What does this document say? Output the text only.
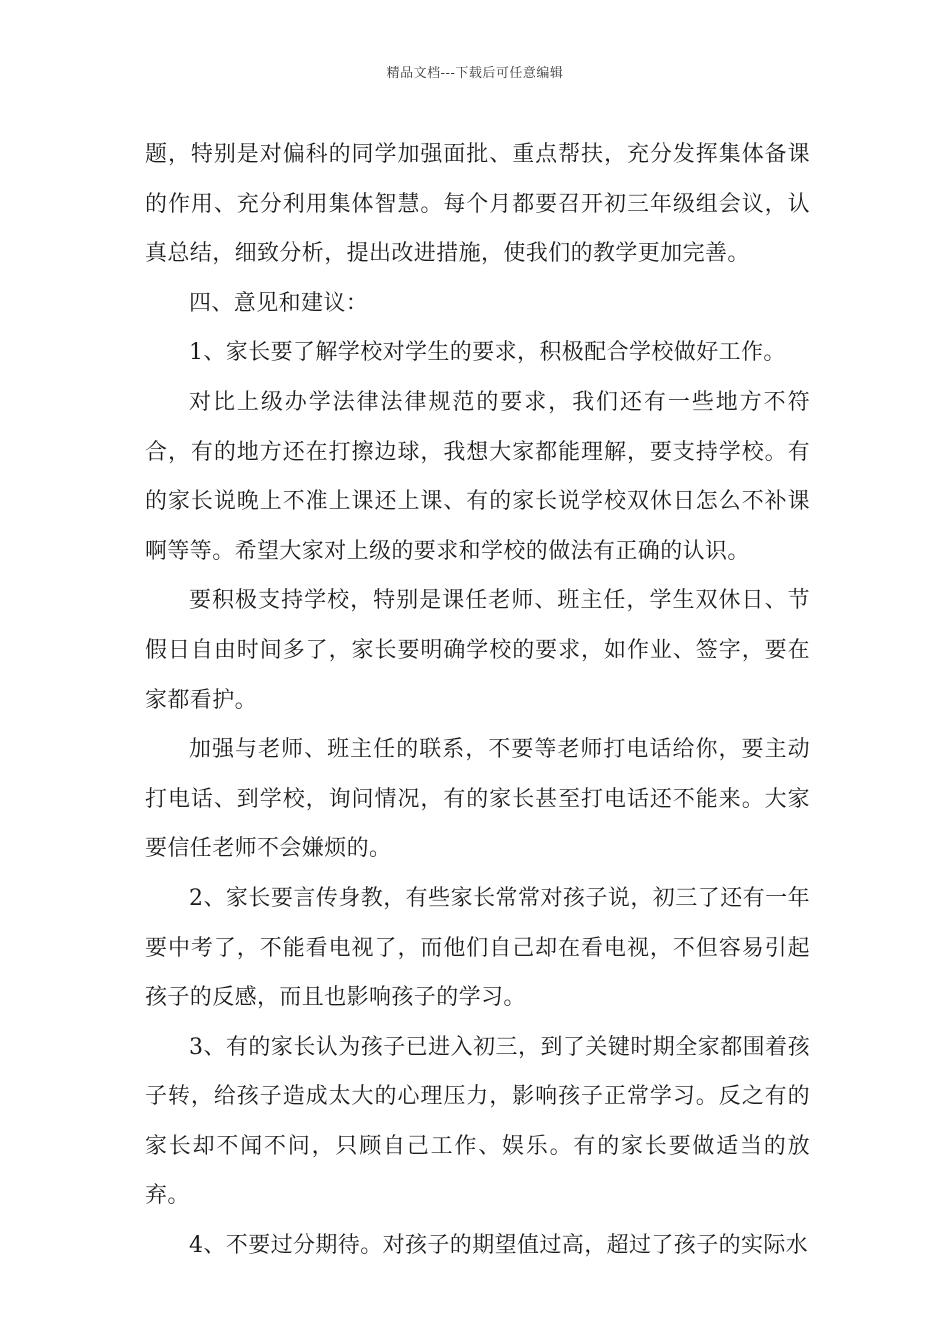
精品文档---下载后可任意编辑

题，特别是对偏科的同学加强面批、重点帮扶，充分发挥集体备课的作用、充分利用集体智慧。每个月都要召开初三年级组会议，认真总结，细致分析，提出改进措施，使我们的教学更加完善。

四、意见和建议：

1、家长要了解学校对学生的要求，积极配合学校做好工作。

对比上级办学法律法律规范的要求，我们还有一些地方不符合，有的地方还在打擦边球，我想大家都能理解，要支持学校。有的家长说晚上不准上课还上课、有的家长说学校双休日怎么不补课啊等等。希望大家对上级的要求和学校的做法有正确的认识。

要积极支持学校，特别是课任老师、班主任，学生双休日、节假日自由时间多了，家长要明确学校的要求，如作业、签字，要在家都看护。

加强与老师、班主任的联系，不要等老师打电话给你，要主动打电话、到学校，询问情况，有的家长甚至打电话还不能来。大家要信任老师不会嫌烦的。

2、家长要言传身教，有些家长常常对孩子说，初三了还有一年要中考了，不能看电视了，而他们自己却在看电视，不但容易引起孩子的反感，而且也影响孩子的学习。

3、有的家长认为孩子已进入初三，到了关键时期全家都围着孩子转，给孩子造成太大的心理压力，影响孩子正常学习。反之有的家长却不闻不问，只顾自己工作、娱乐。有的家长要做适当的放弃。

4、不要过分期待。对孩子的期望值过高，超过了孩子的实际水
